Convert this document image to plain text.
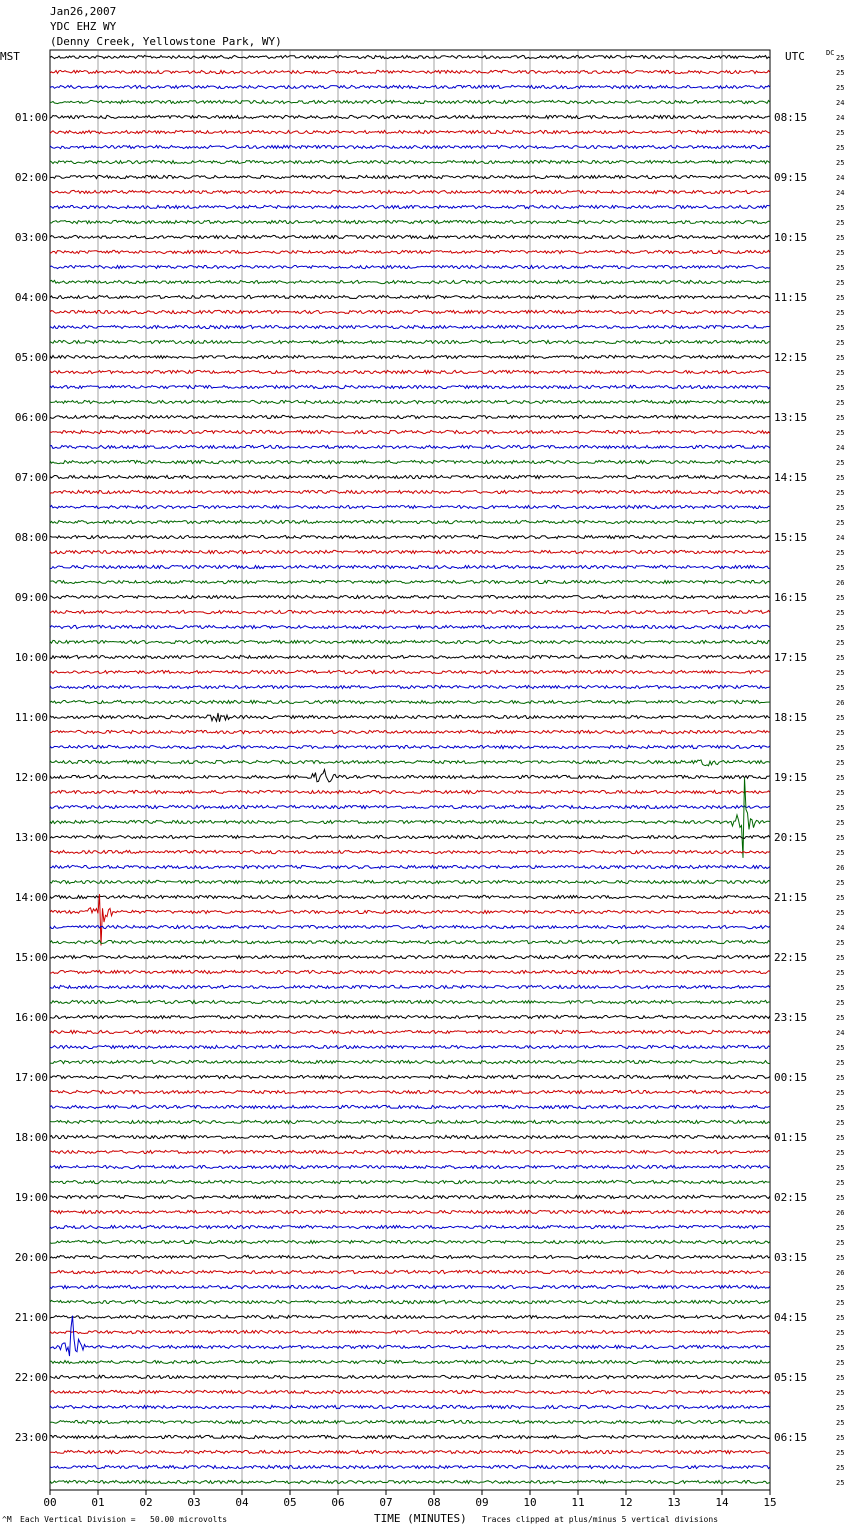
Jan26,2007
YDC EHZ WY
(Denny Creek, Yellowstone Park, WY)
MST	UTC	DC
00	01	02	03	04	05	06	07	08	09	10	11	12	13	14	15
25
25
25
24
24
25
25
25
24
24
25
25
25
25
25
25
25
25
25
25
25
25
25
25
25
25
24
25
25
25
25
25
24
25
25
26
25
25
25
25
25
25
25
26
25
25
25
25
25
25
25
25
25
25
26
25
25
25
24
25
25
25
25
25
25
24
25
25
25
25
25
25
25
25
25
25
25
26
25
25
25
26
25
25
25
25
25
25
25
25
25
25
25
25
25
25
01:00
02:00
03:00
04:00
05:00
06:00
07:00
08:00
09:00
10:00
11:00
12:00
13:00
14:00
15:00
16:00
17:00
18:00
19:00
20:00
21:00
22:00
23:00
08:15
09:15
10:15
11:15
12:15
13:15
14:15
15:15
16:15
17:15
18:15
19:15
20:15
21:15
22:15
23:15
00:15
01:15
02:15
03:15
04:15
05:15
06:15
TIME (MINUTES)
^M Each Vertical Division =   50.00 microvolts	Traces clipped at plus/minus 5 vertical divisions
